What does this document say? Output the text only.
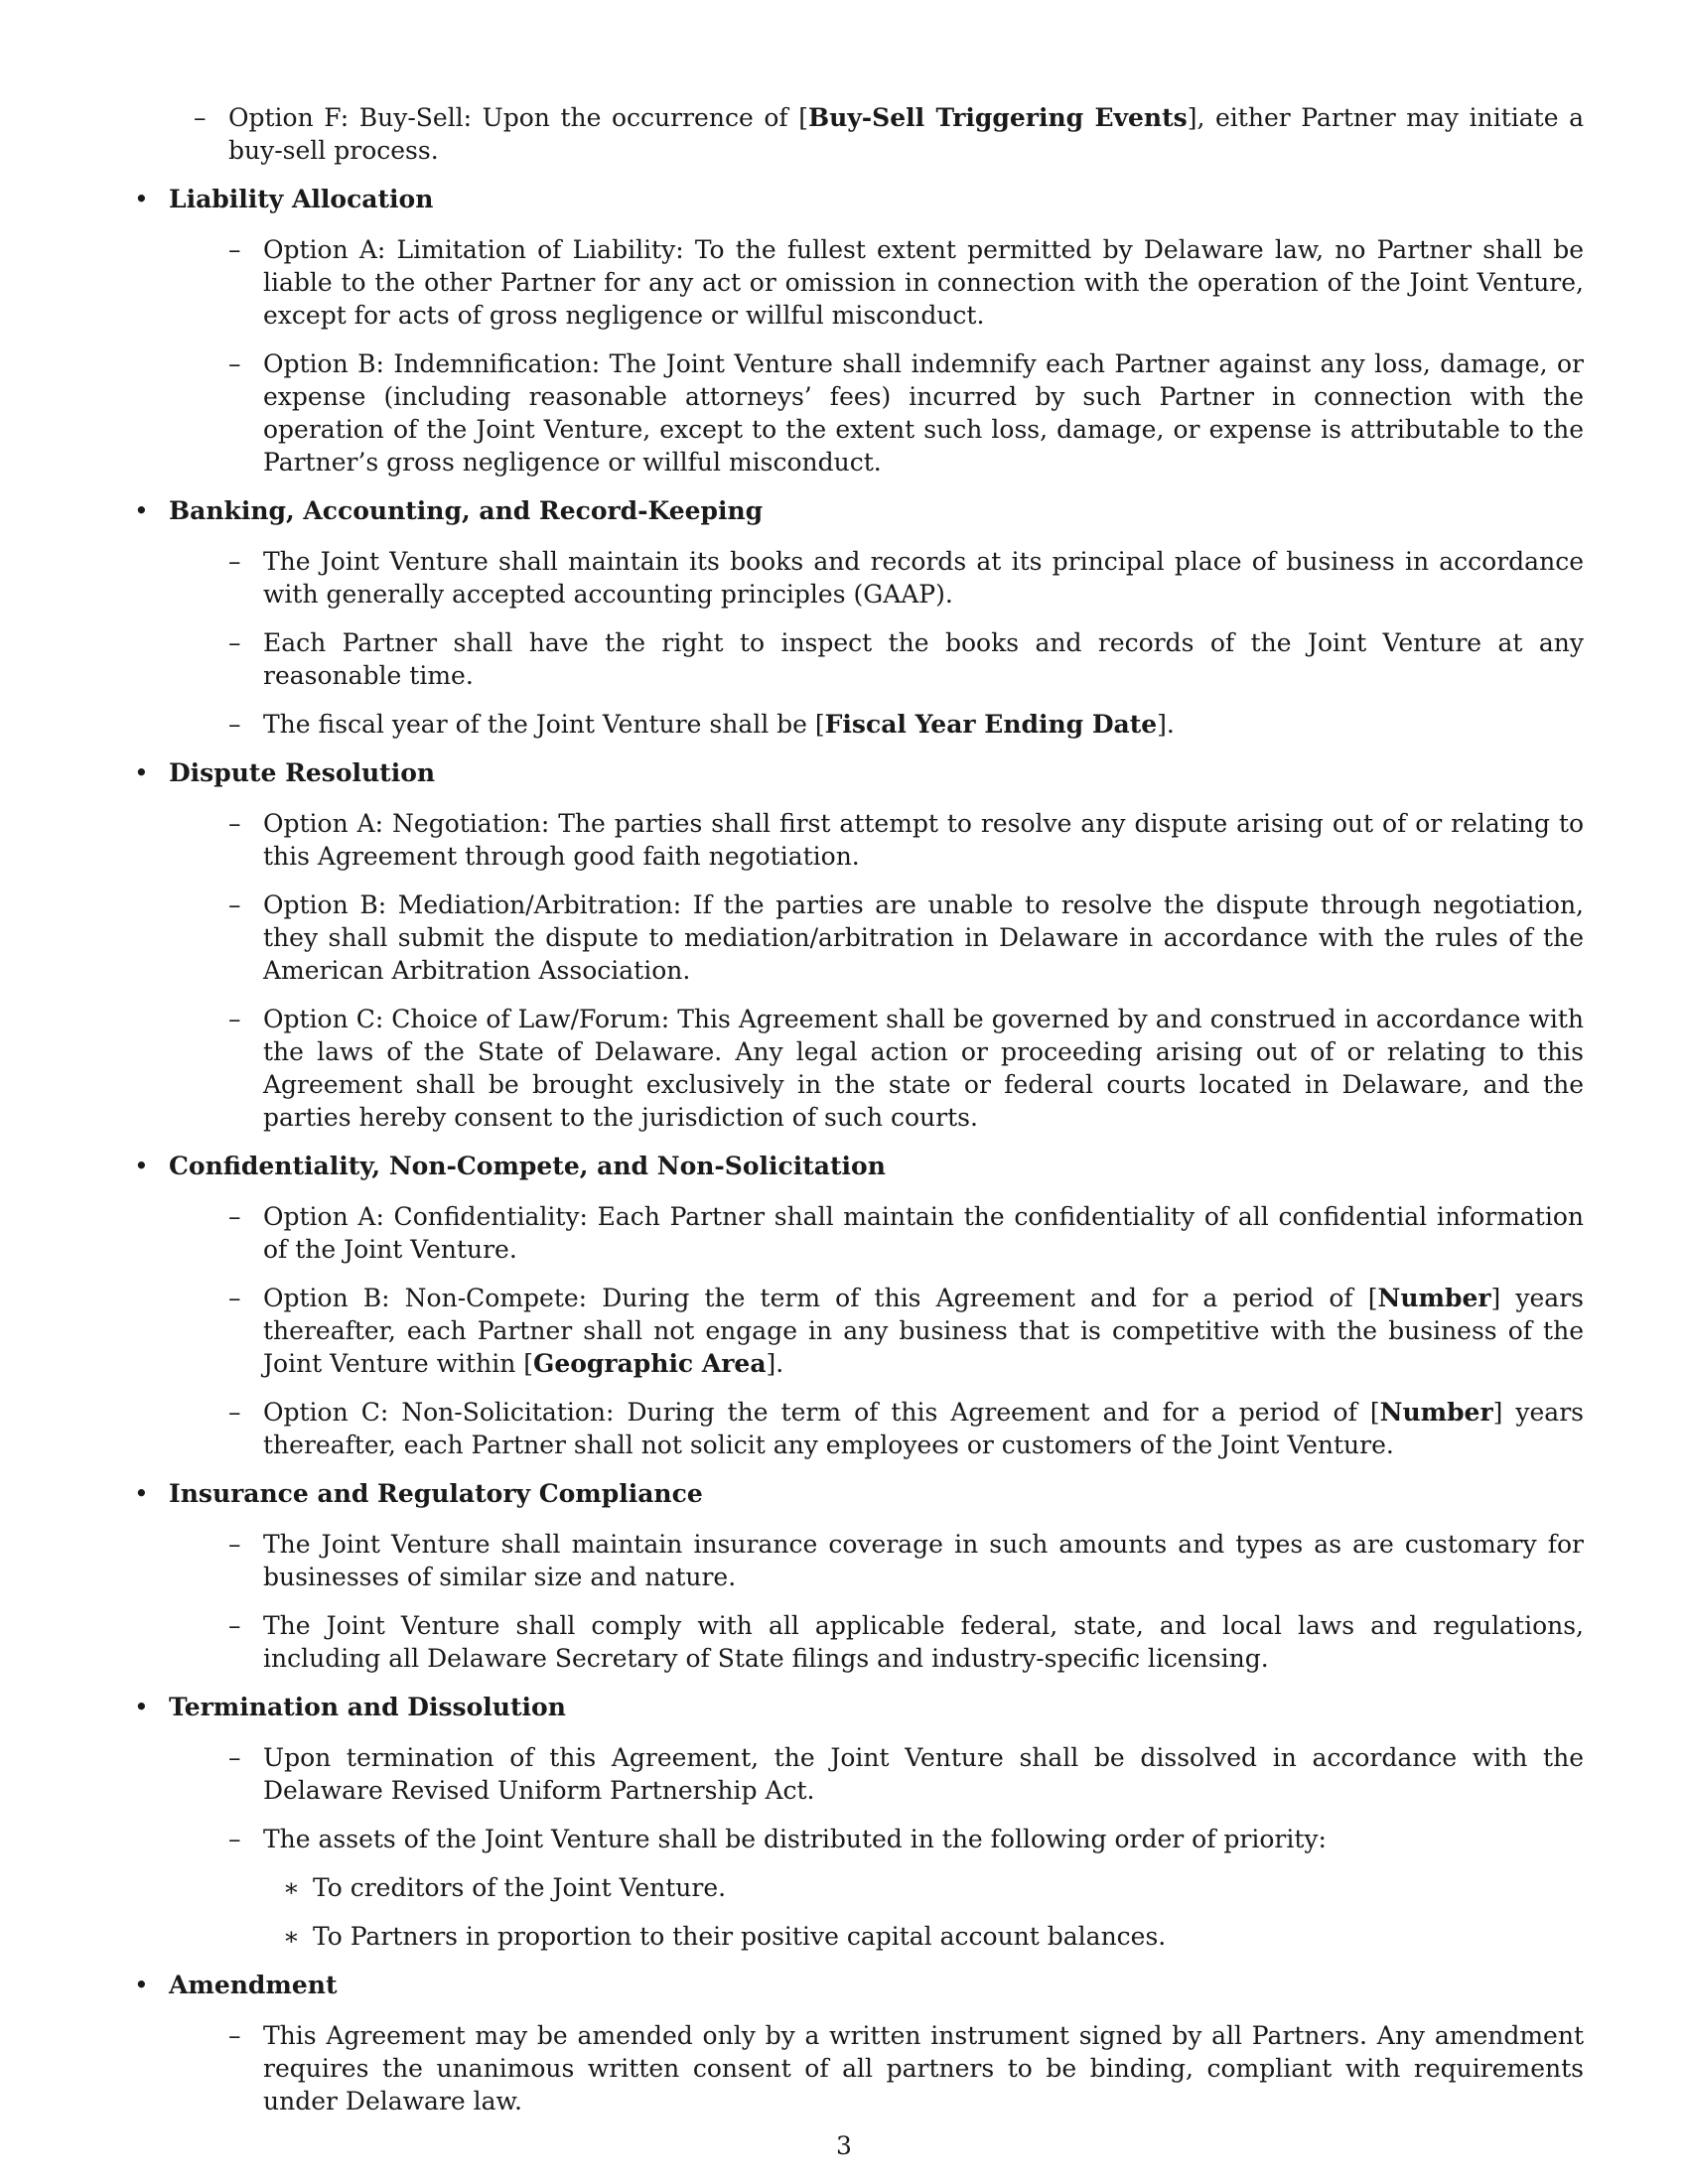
– Option F: Buy-Sell: Upon the occurrence of [Buy-Sell Triggering Events], either Partner may initiate a buy-sell process.
• Liability Allocation
– Option A: Limitation of Liability: To the fullest extent permitted by Delaware law, no Partner shall be liable to the other Partner for any act or omission in connection with the operation of the Joint Venture, except for acts of gross negligence or willful misconduct.
– Option B: Indemnification: The Joint Venture shall indemnify each Partner against any loss, damage, or expense (including reasonable attorneys’ fees) incurred by such Partner in connection with the operation of the Joint Venture, except to the extent such loss, damage, or expense is attributable to the Partner’s gross negligence or willful misconduct.
• Banking, Accounting, and Record-Keeping
– The Joint Venture shall maintain its books and records at its principal place of business in accordance with generally accepted accounting principles (GAAP).
– Each Partner shall have the right to inspect the books and records of the Joint Venture at any reasonable time.
– The fiscal year of the Joint Venture shall be [Fiscal Year Ending Date].
• Dispute Resolution
– Option A: Negotiation: The parties shall first attempt to resolve any dispute arising out of or relating to this Agreement through good faith negotiation.
– Option B: Mediation/Arbitration: If the parties are unable to resolve the dispute through negotiation, they shall submit the dispute to mediation/arbitration in Delaware in accordance with the rules of the American Arbitration Association.
– Option C: Choice of Law/Forum: This Agreement shall be governed by and construed in accordance with the laws of the State of Delaware. Any legal action or proceeding arising out of or relating to this Agreement shall be brought exclusively in the state or federal courts located in Delaware, and the parties hereby consent to the jurisdiction of such courts.
• Confidentiality, Non-Compete, and Non-Solicitation
– Option A: Confidentiality: Each Partner shall maintain the confidentiality of all confidential information of the Joint Venture.
– Option B: Non-Compete: During the term of this Agreement and for a period of [Number] years thereafter, each Partner shall not engage in any business that is competitive with the business of the Joint Venture within [Geographic Area].
– Option C: Non-Solicitation: During the term of this Agreement and for a period of [Number] years thereafter, each Partner shall not solicit any employees or customers of the Joint Venture.
• Insurance and Regulatory Compliance
– The Joint Venture shall maintain insurance coverage in such amounts and types as are customary for businesses of similar size and nature.
– The Joint Venture shall comply with all applicable federal, state, and local laws and regulations, including all Delaware Secretary of State filings and industry-specific licensing.
• Termination and Dissolution
– Upon termination of this Agreement, the Joint Venture shall be dissolved in accordance with the Delaware Revised Uniform Partnership Act.
– The assets of the Joint Venture shall be distributed in the following order of priority:
∗ To creditors of the Joint Venture.
∗ To Partners in proportion to their positive capital account balances.
• Amendment
– This Agreement may be amended only by a written instrument signed by all Partners. Any amendment requires the unanimous written consent of all partners to be binding, compliant with requirements under Delaware law.
3
